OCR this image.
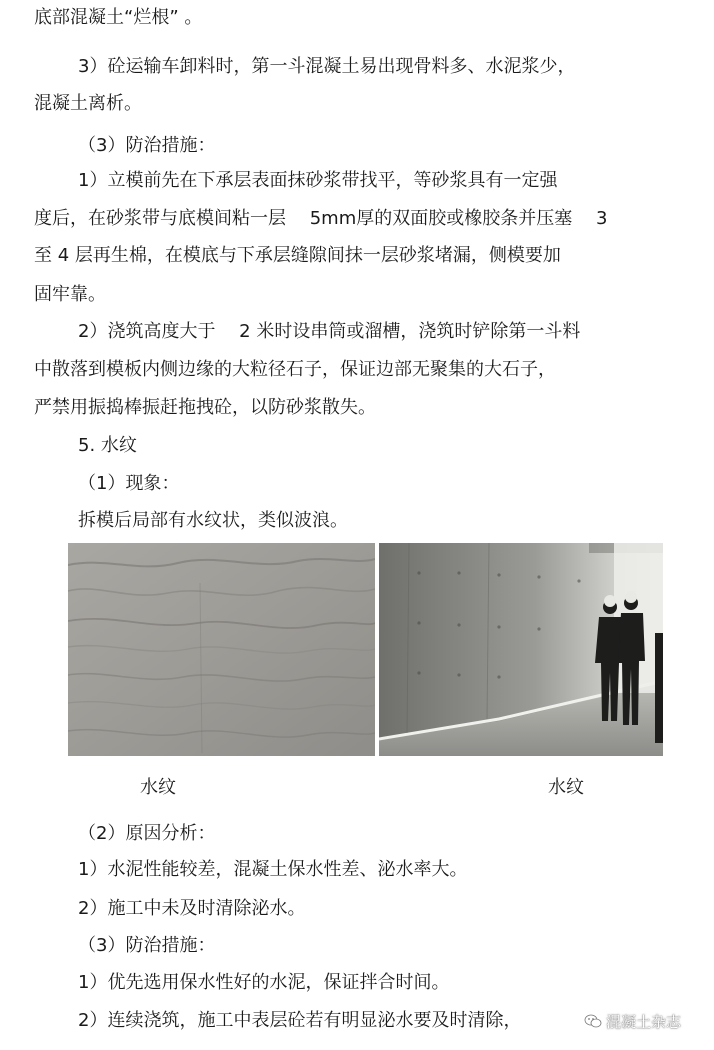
底部混凝土“烂根” 。
3）砼运输车卸料时，第一斗混凝土易出现骨料多、水泥浆少，
混凝土离析。
（3）防治措施：
1）立模前先在下承层表面抹砂浆带找平，等砂浆具有一定强
度后，在砂浆带与底模间粘一层　 5mm厚的双面胶或橡胶条并压塞　 3
至 4 层再生棉，在模底与下承层缝隙间抹一层砂浆堵漏，侧模要加
固牢靠。
2）浇筑高度大于　 2 米时设串筒或溜槽，浇筑时铲除第一斗料
中散落到模板内侧边缘的大粒径石子，保证边部无聚集的大石子，
严禁用振捣棒振赶拖拽砼，以防砂浆散失。
5. 水纹
（1）现象：
拆模后局部有水纹状，类似波浪。
水纹	水纹
（2）原因分析：
1）水泥性能较差，混凝土保水性差、泌水率大。
2）施工中未及时清除泌水。
（3）防治措施：
1）优先选用保水性好的水泥，保证拌合时间。
2）连续浇筑，施工中表层砼若有明显泌水要及时清除，	混凝土杂志
